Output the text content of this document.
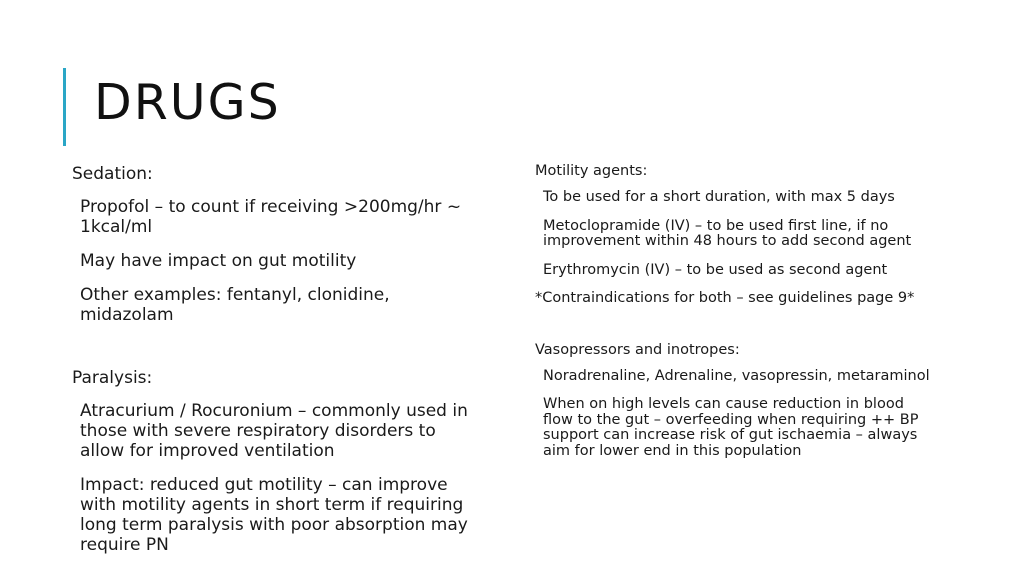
DRUGS
Sedation:
Propofol – to count if receiving >200mg/hr ~ 1kcal/ml
May have impact on gut motility
Other examples: fentanyl, clonidine, midazolam
Paralysis:
Atracurium / Rocuronium – commonly used in those with severe respiratory disorders to allow for improved ventilation
Impact: reduced gut motility – can improve with motility agents in short term if requiring long term paralysis with poor absorption may require PN
Motility agents:
To be used for a short duration, with max 5 days
Metoclopramide (IV) – to be used first line, if no improvement within 48 hours to add second agent
Erythromycin (IV) – to be used as second agent
*Contraindications for both – see guidelines page 9*
Vasopressors and inotropes:
Noradrenaline, Adrenaline, vasopressin, metaraminol
When on high levels can cause reduction in blood flow to the gut – overfeeding when requiring ++ BP support can increase risk of gut ischaemia – always aim for lower end in this population
